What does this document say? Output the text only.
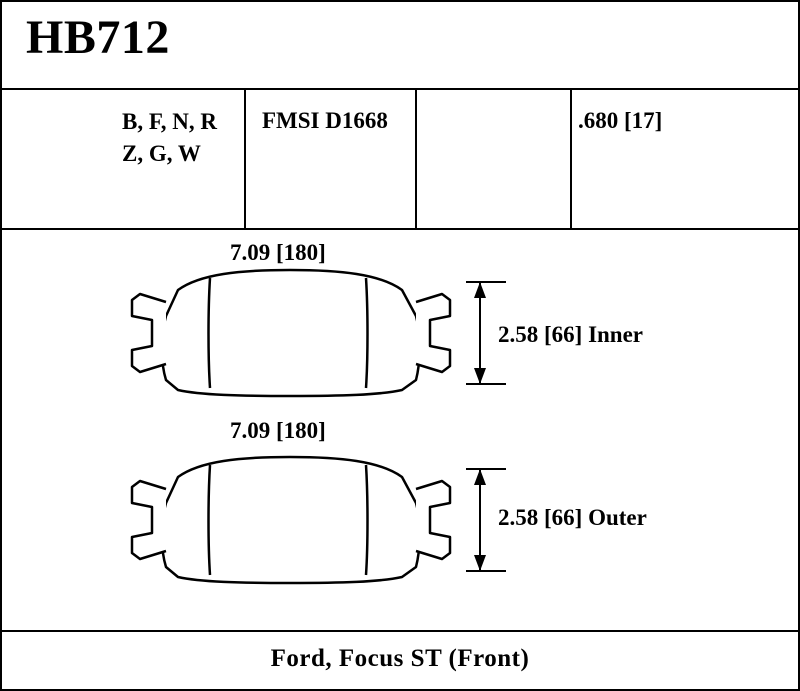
HB712
B, F, N, R
Z, G, W
FMSI D1668	.680 [17]
7.09 [180]
2.58 [66] Inner
7.09 [180]
2.58 [66] Outer
Ford, Focus ST (Front)
